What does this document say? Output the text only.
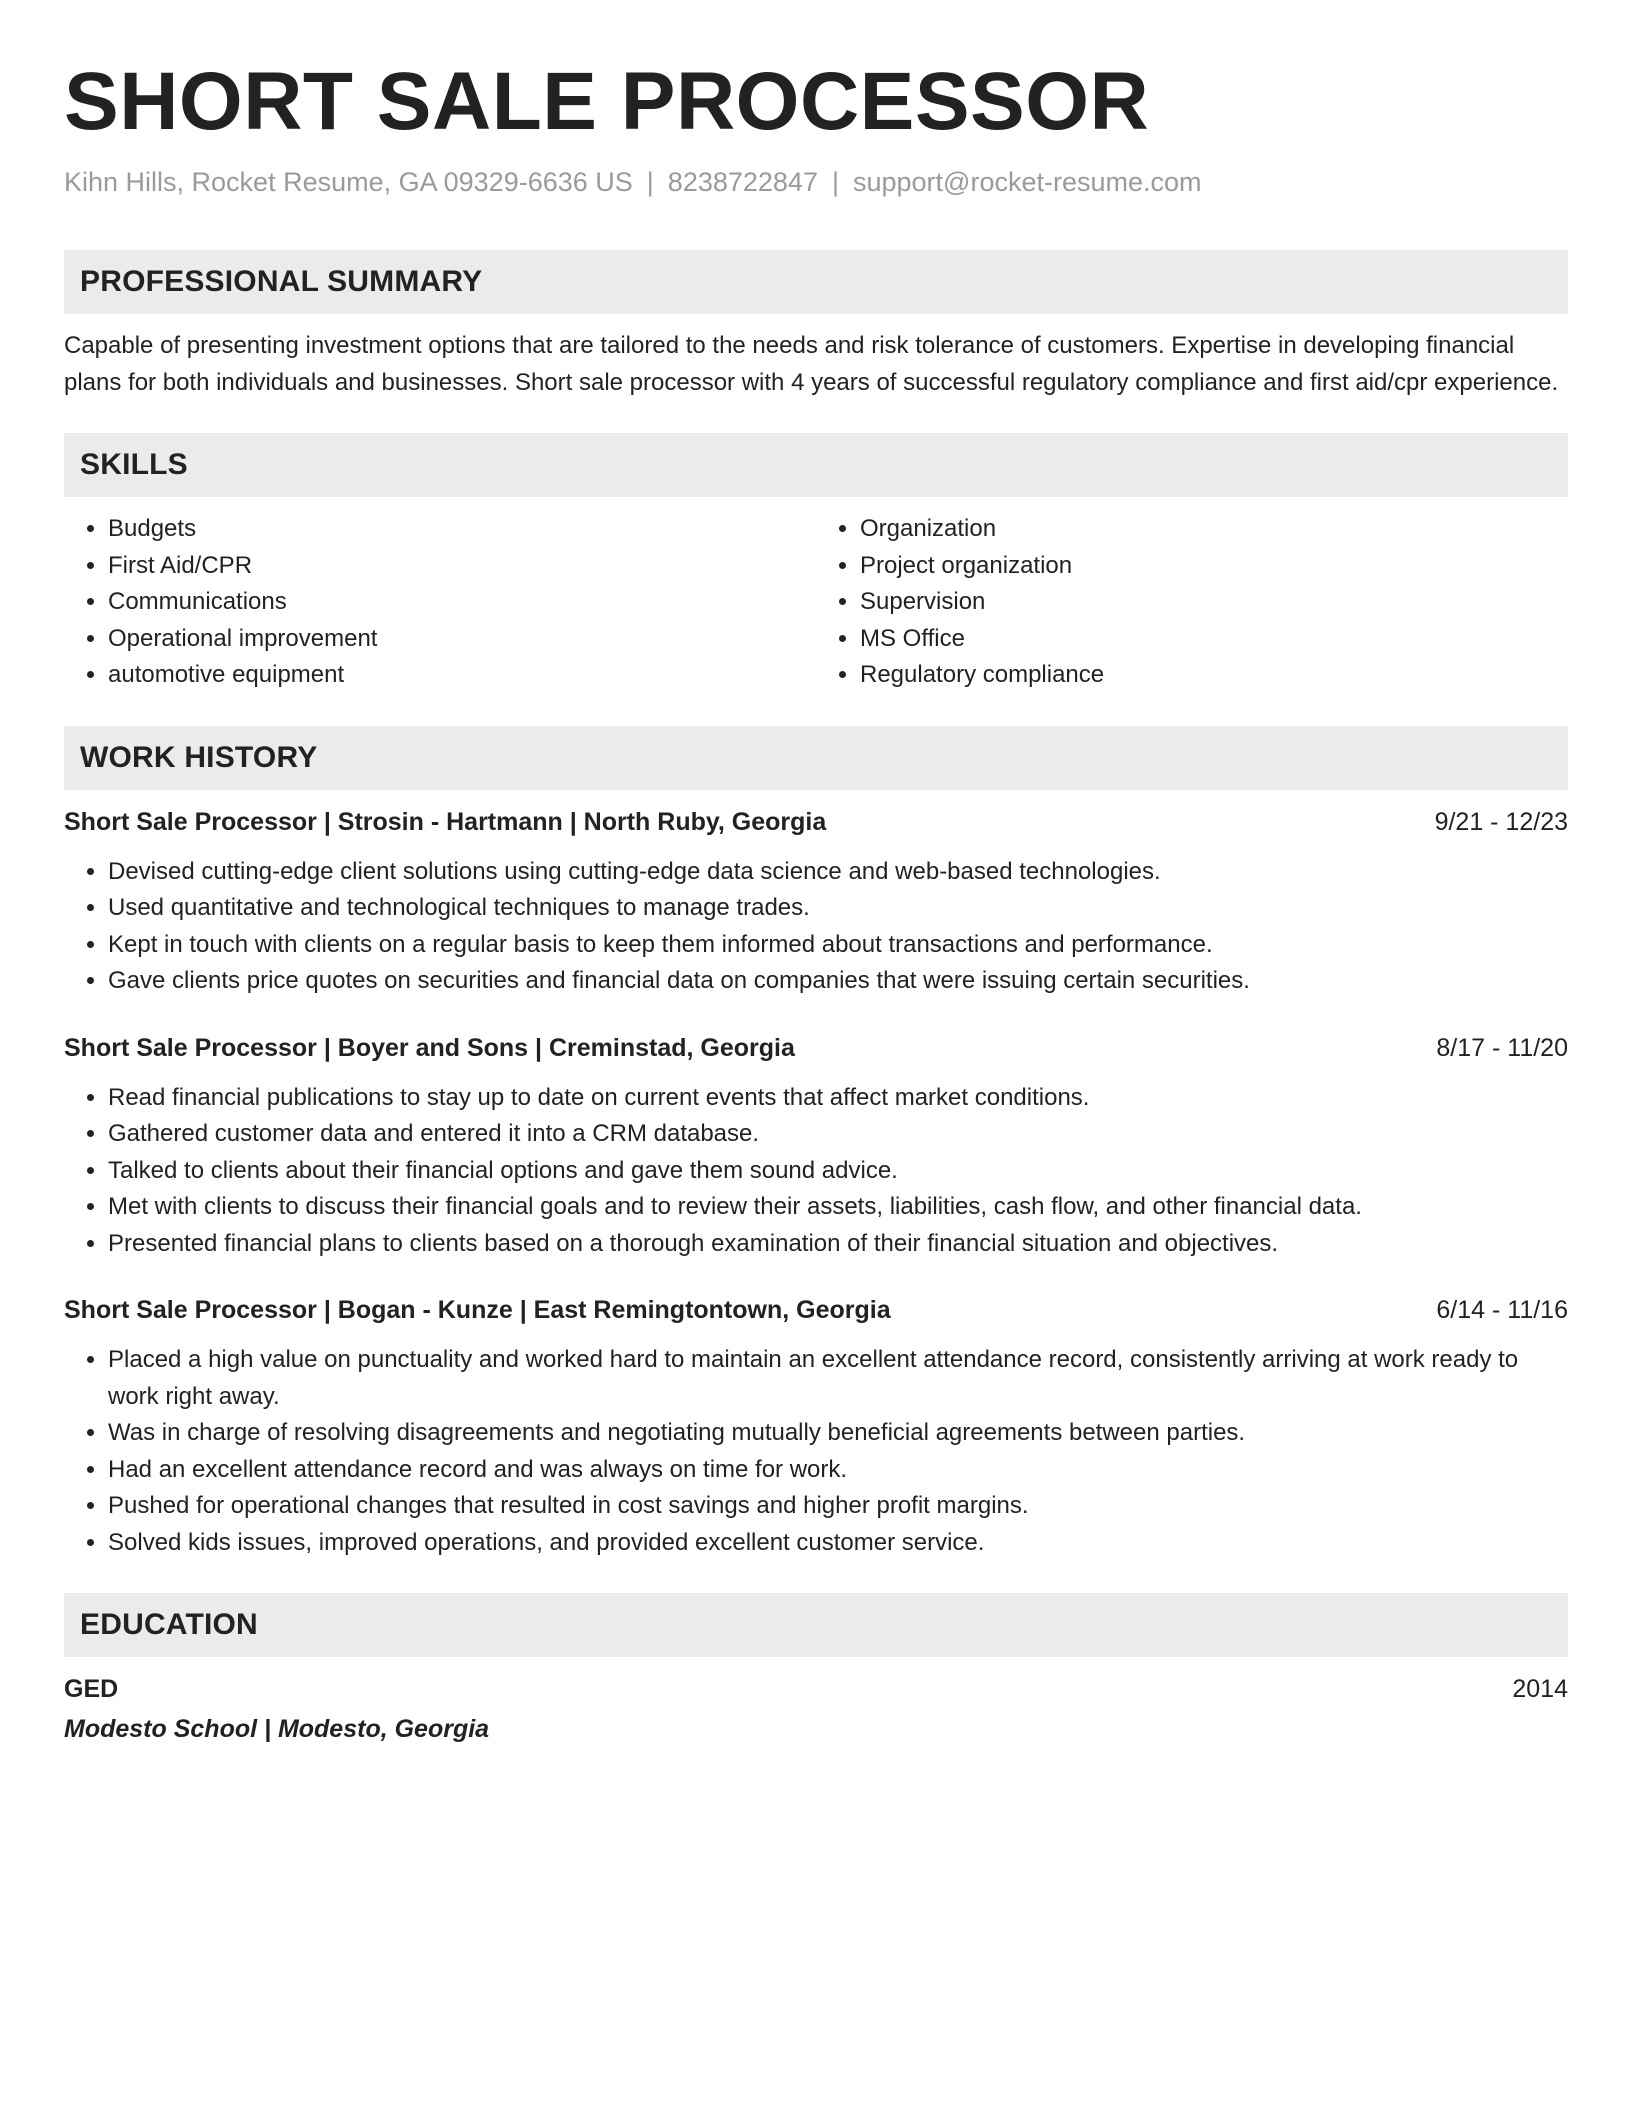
SHORT SALE PROCESSOR
Kihn Hills, Rocket Resume, GA 09329-6636 US | 8238722847 | support@rocket-resume.com
PROFESSIONAL SUMMARY
Capable of presenting investment options that are tailored to the needs and risk tolerance of customers. Expertise in developing financial plans for both individuals and businesses. Short sale processor with 4 years of successful regulatory compliance and first aid/cpr experience.
SKILLS
• Budgets
• First Aid/CPR
• Communications
• Operational improvement
• automotive equipment
• Organization
• Project organization
• Supervision
• MS Office
• Regulatory compliance
WORK HISTORY
Short Sale Processor | Strosin - Hartmann | North Ruby, Georgia	9/21 - 12/23
• Devised cutting-edge client solutions using cutting-edge data science and web-based technologies.
• Used quantitative and technological techniques to manage trades.
• Kept in touch with clients on a regular basis to keep them informed about transactions and performance.
• Gave clients price quotes on securities and financial data on companies that were issuing certain securities.
Short Sale Processor | Boyer and Sons | Creminstad, Georgia	8/17 - 11/20
• Read financial publications to stay up to date on current events that affect market conditions.
• Gathered customer data and entered it into a CRM database.
• Talked to clients about their financial options and gave them sound advice.
• Met with clients to discuss their financial goals and to review their assets, liabilities, cash flow, and other financial data.
• Presented financial plans to clients based on a thorough examination of their financial situation and objectives.
Short Sale Processor | Bogan - Kunze | East Remingtontown, Georgia	6/14 - 11/16
• Placed a high value on punctuality and worked hard to maintain an excellent attendance record, consistently arriving at work ready to work right away.
• Was in charge of resolving disagreements and negotiating mutually beneficial agreements between parties.
• Had an excellent attendance record and was always on time for work.
• Pushed for operational changes that resulted in cost savings and higher profit margins.
• Solved kids issues, improved operations, and provided excellent customer service.
EDUCATION
GED	2014
Modesto School | Modesto, Georgia
